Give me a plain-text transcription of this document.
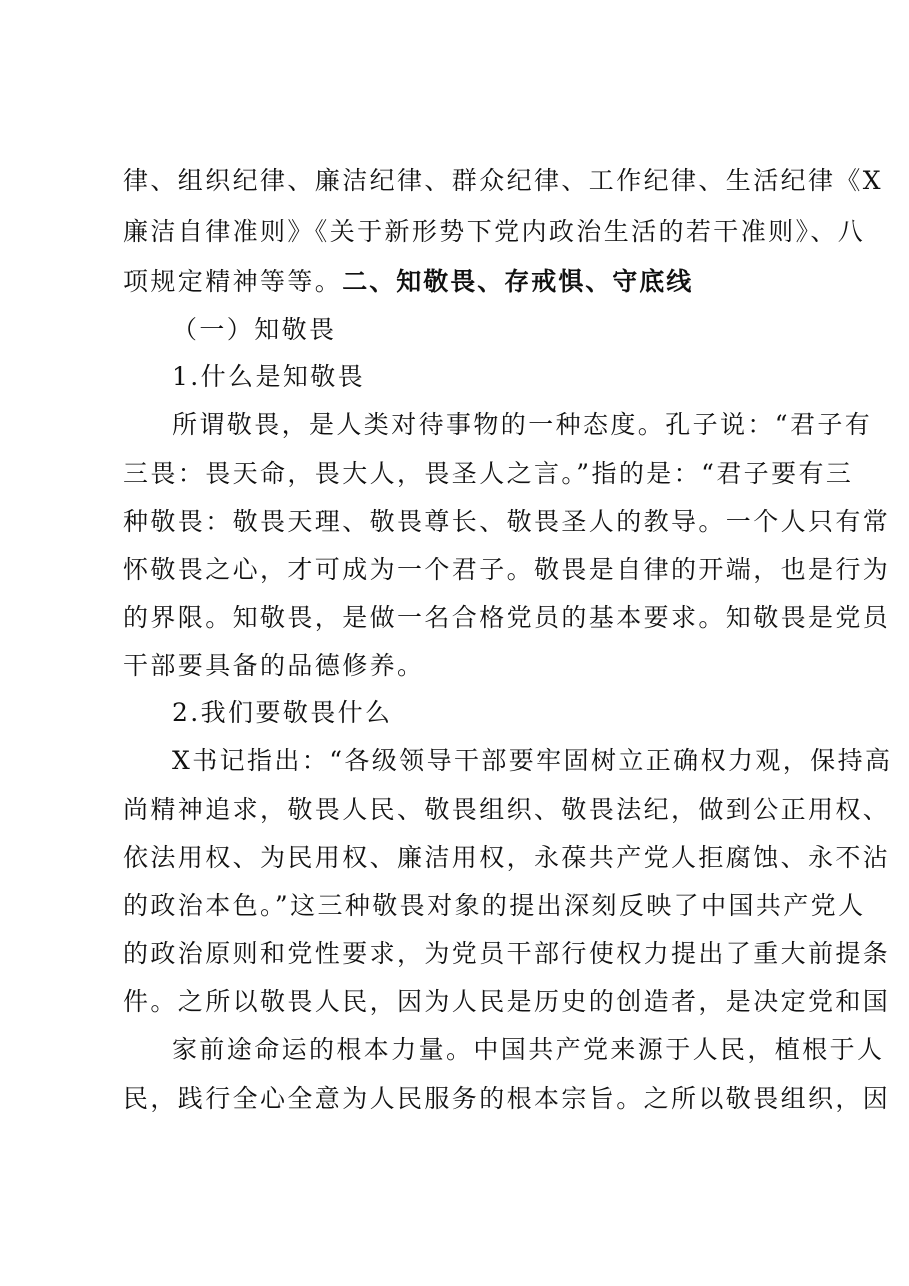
律、组织纪律、廉洁纪律、群众纪律、工作纪律、生活纪律《X
廉洁自律准则》《关于新形势下党内政治生活的若干准则》、八
项规定精神等等。二、知敬畏、存戒惧、守底线
（一）知敬畏
1.什么是知敬畏
所谓敬畏，是人类对待事物的一种态度。孔子说：“君子有
三畏：畏天命，畏大人，畏圣人之言。”指的是：“君子要有三
种敬畏：敬畏天理、敬畏尊长、敬畏圣人的教导。一个人只有常
怀敬畏之心，才可成为一个君子。敬畏是自律的开端，也是行为
的界限。知敬畏，是做一名合格党员的基本要求。知敬畏是党员
干部要具备的品德修养。
2.我们要敬畏什么
X书记指出：“各级领导干部要牢固树立正确权力观，保持高
尚精神追求，敬畏人民、敬畏组织、敬畏法纪，做到公正用权、
依法用权、为民用权、廉洁用权，永葆共产党人拒腐蚀、永不沾
的政治本色。”这三种敬畏对象的提出深刻反映了中国共产党人
的政治原则和党性要求，为党员干部行使权力提出了重大前提条
件。之所以敬畏人民，因为人民是历史的创造者，是决定党和国
家前途命运的根本力量。中国共产党来源于人民，植根于人
民，践行全心全意为人民服务的根本宗旨。之所以敬畏组织，因
